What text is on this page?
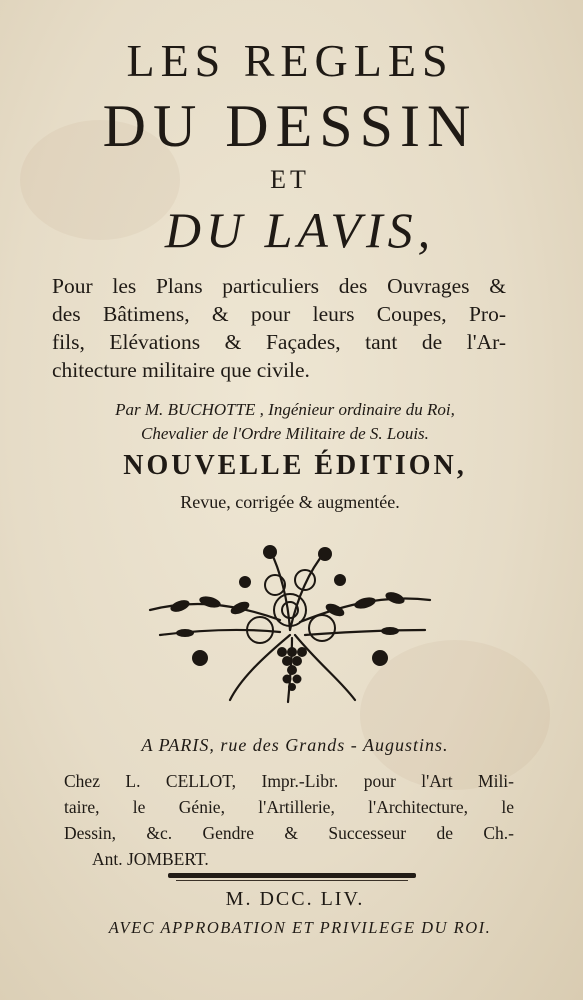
LES REGLES
DU DESSIN
ET
DU LAVIS,
Pour les Plans particuliers des Ouvrages &
des Bâtimens, & pour leurs Coupes, Pro-
fils, Elévations & Façades, tant de l'Ar-
chitecture militaire que civile.
Par M. BUCHOTTE , Ingénieur ordinaire du Roi,
Chevalier de l'Ordre Militaire de S. Louis.
NOUVELLE ÉDITION,
Revue, corrigée & augmentée.
A PARIS, rue des Grands - Augustins.
Chez L. CELLOT, Impr.-Libr. pour l'Art Mili-
taire, le Génie, l'Artillerie, l'Architecture, le
Dessin, &c. Gendre & Successeur de Ch.-
Ant. JOMBERT.
M. DCC. LIV.
AVEC APPROBATION ET PRIVILEGE DU ROI.
